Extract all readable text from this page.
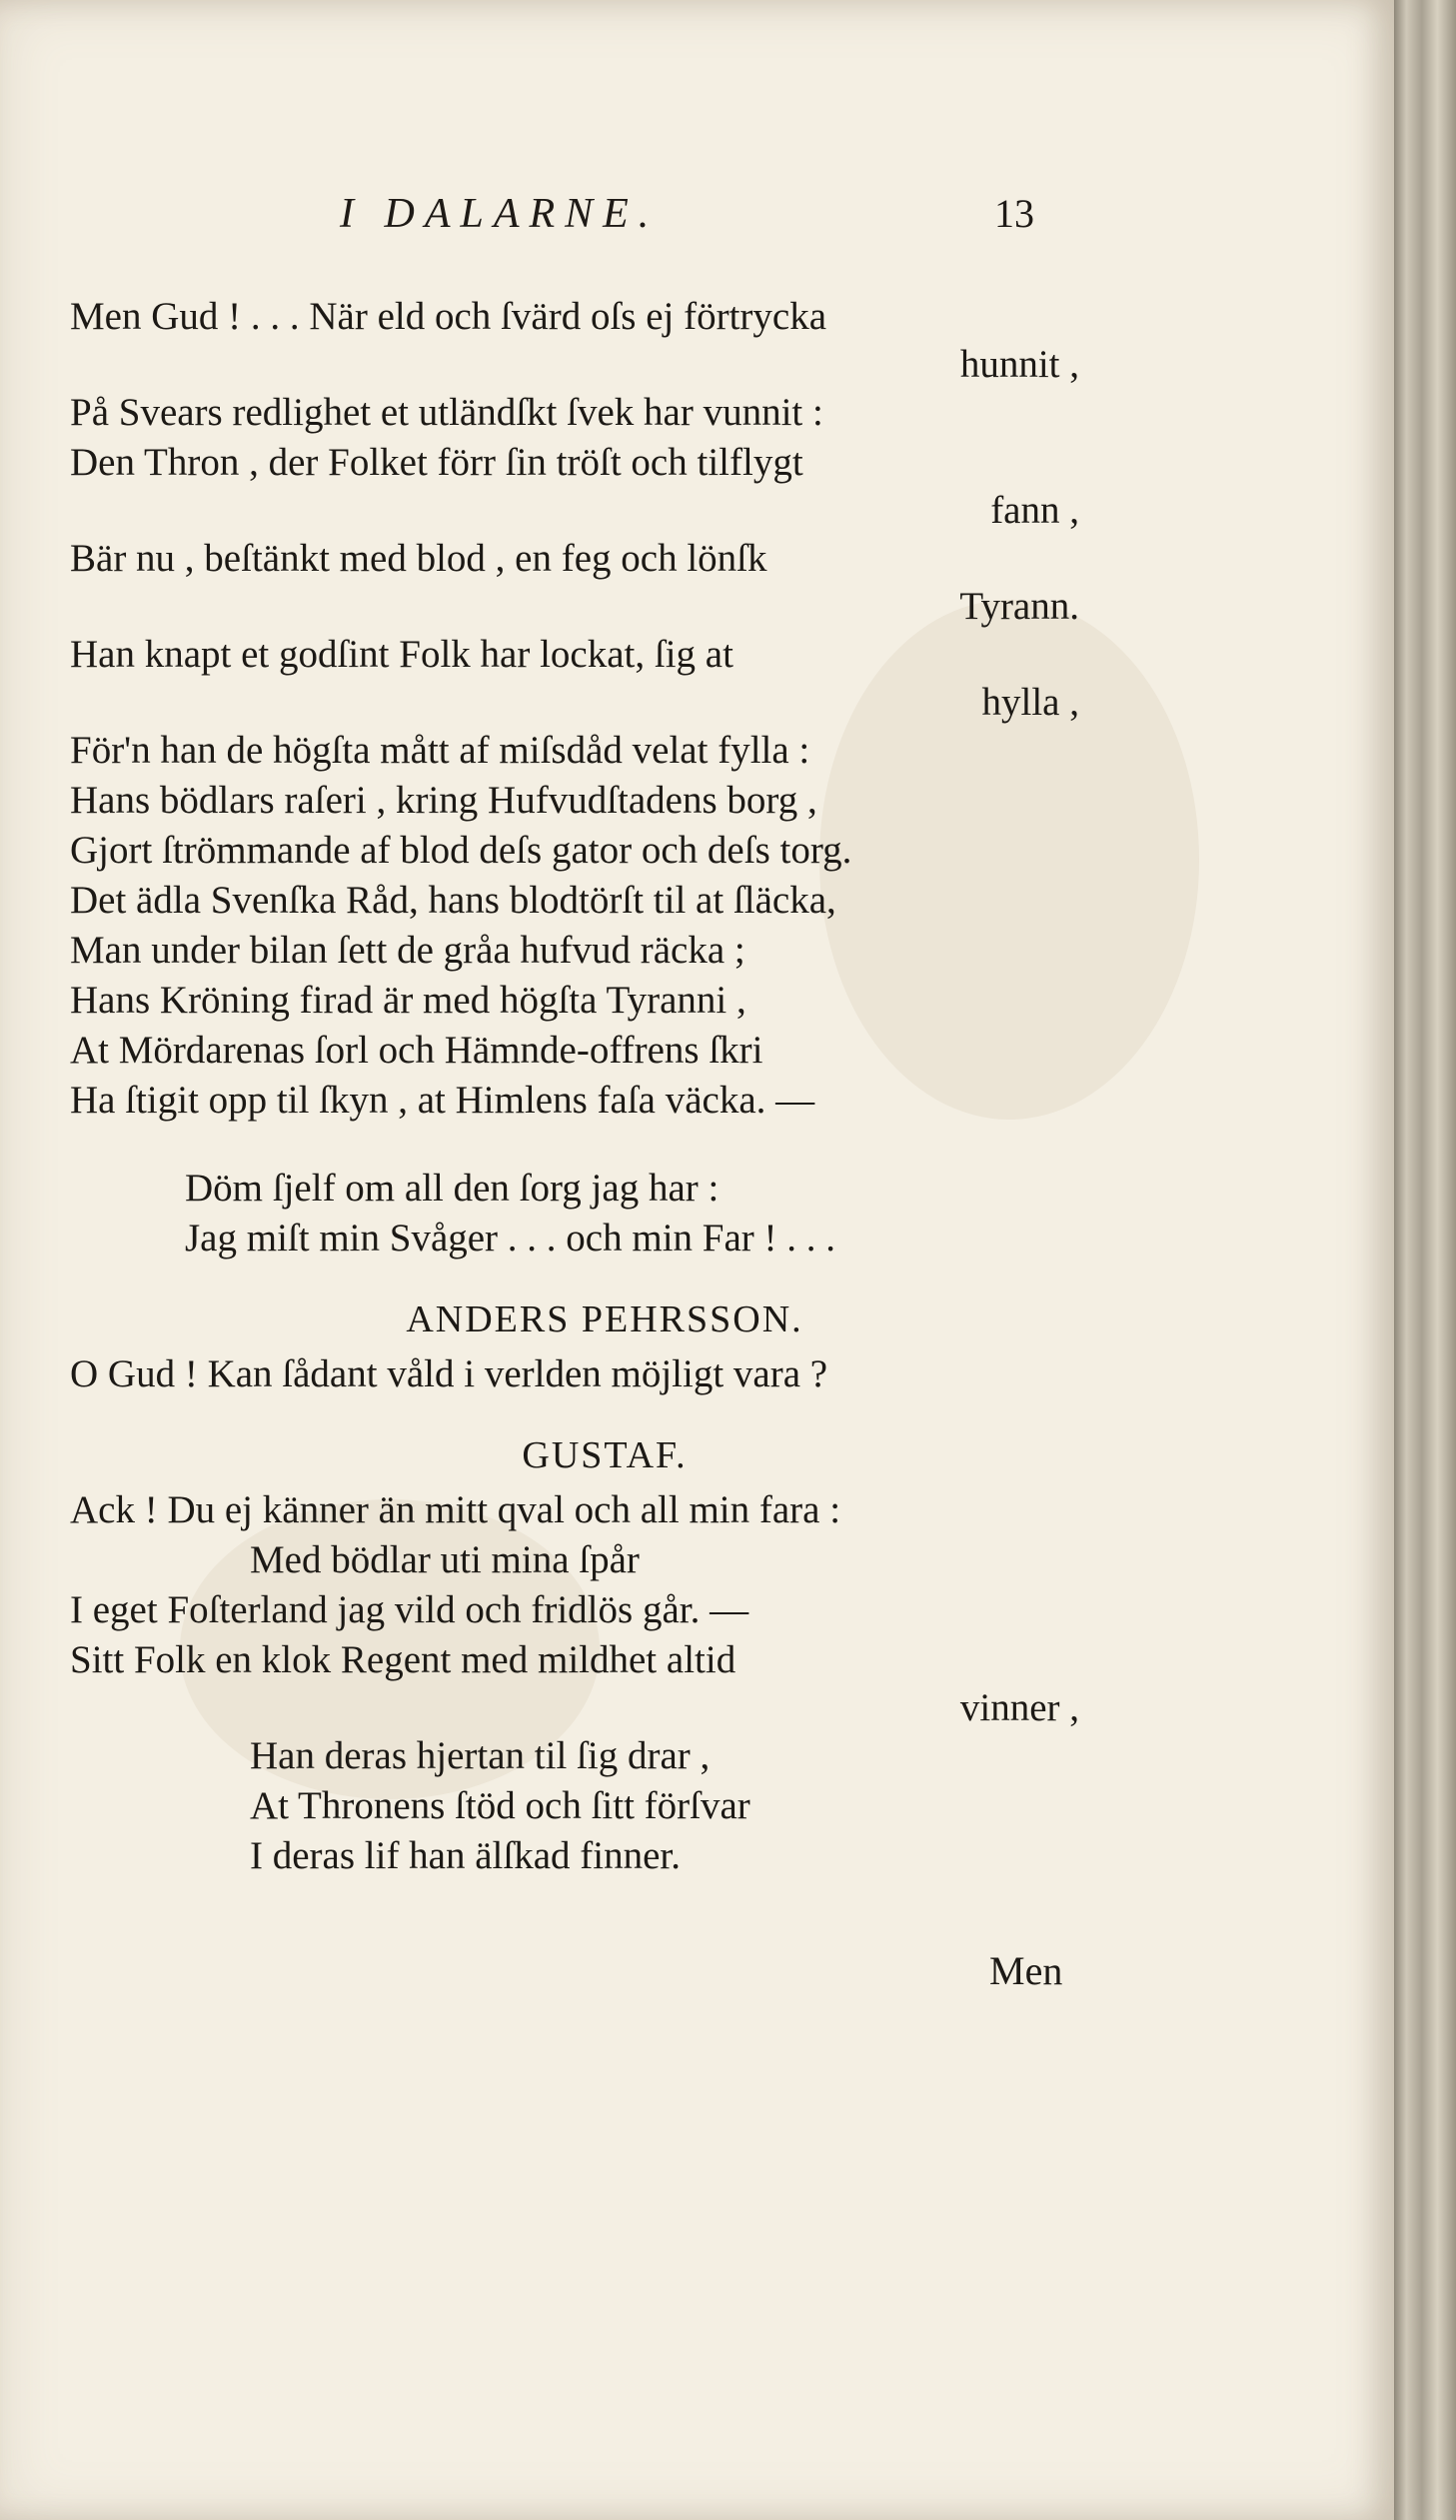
I DALARNE.	13
Men Gud ! . . . När eld och ſvärd oſs ej förtrycka
hunnit ,
På Svears redlighet et utländſkt ſvek har vunnit :
Den Thron , der Folket förr ſin tröſt och tilflygt
fann ,
Bär nu , beſtänkt med blod , en feg och lönſk
Tyrann.
Han knapt et godſint Folk har lockat, ſig at
hylla ,
För'n han de högſta mått af miſsdåd velat fylla :
Hans bödlars raſeri , kring Hufvudſtadens borg ,
Gjort ſtrömmande af blod deſs gator och deſs torg.
Det ädla Svenſka Råd, hans blodtörſt til at ſläcka,
Man under bilan ſett de gråa hufvud räcka ;
Hans Kröning firad är med högſta Tyranni ,
At Mördarenas ſorl och Hämnde-offrens ſkri
Ha ſtigit opp til ſkyn , at Himlens faſa väcka. —
Döm ſjelf om all den ſorg jag har :
Jag miſt min Svåger . . . och min Far ! . . .
ANDERS PEHRSSON.
O Gud ! Kan ſådant våld i verlden möjligt vara ?
GUSTAF.
Ack ! Du ej känner än mitt qval och all min fara :
Med bödlar uti mina ſpår
I eget Foſterland jag vild och fridlös går. —
Sitt Folk en klok Regent med mildhet altid
vinner ,
Han deras hjertan til ſig drar ,
At Thronens ſtöd och ſitt förſvar
I deras lif han älſkad finner.
Men
